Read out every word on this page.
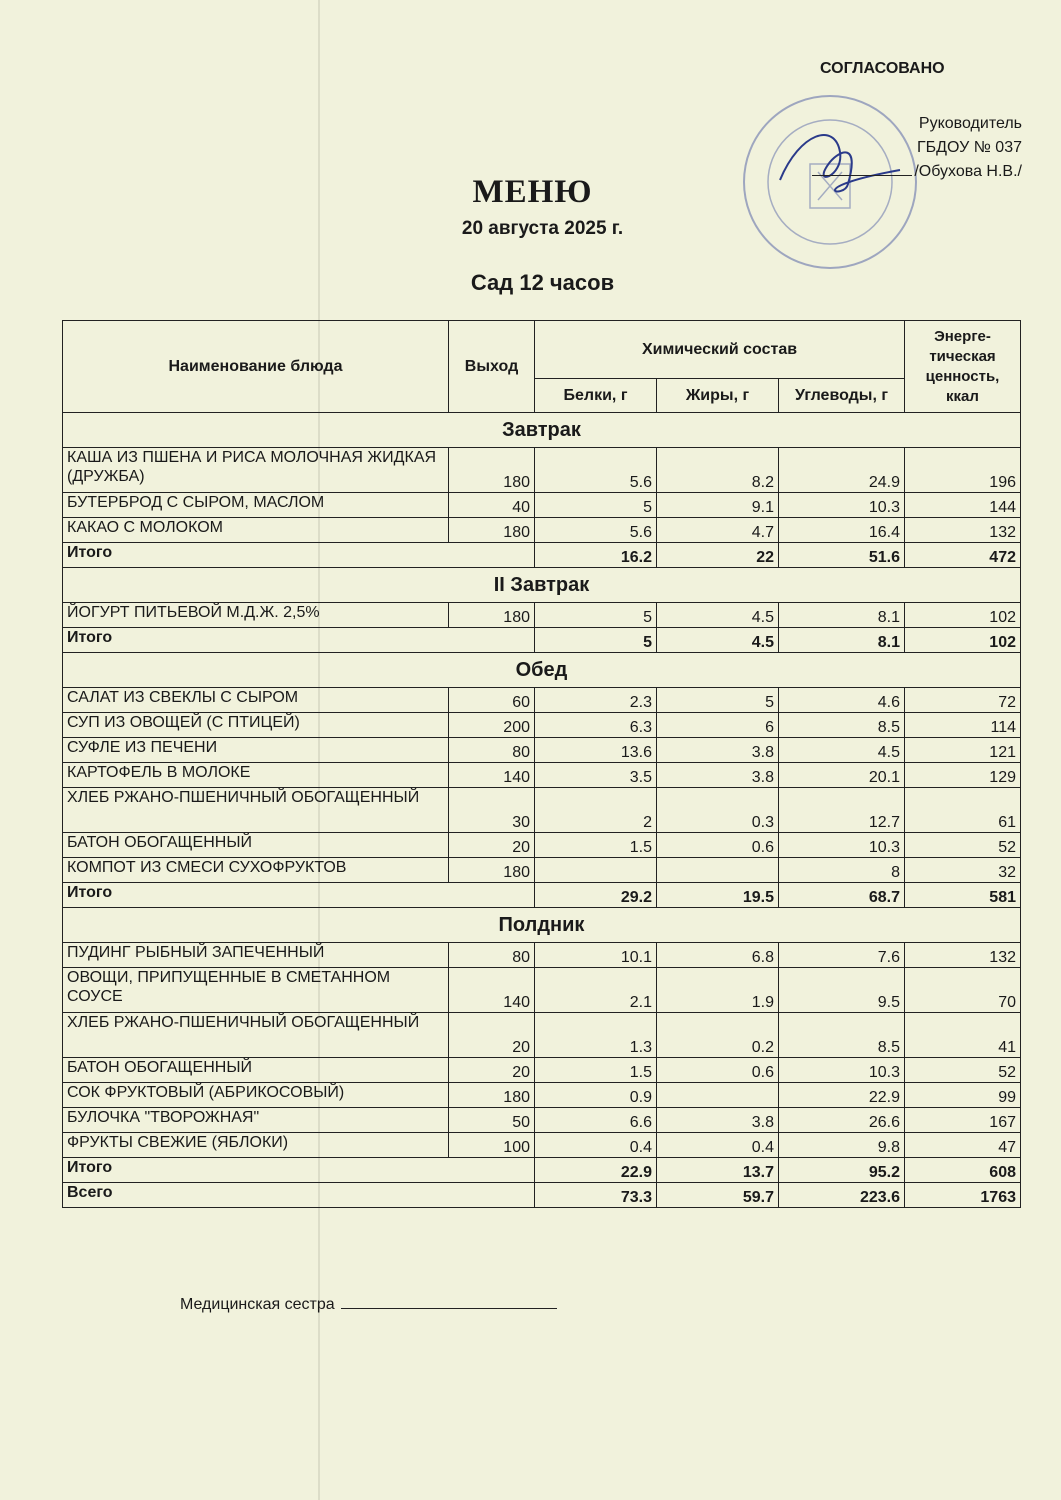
СОГЛАСОВАНО
Руководитель
ГБДОУ № 037
/Обухова Н.В./
МЕНЮ
20 августа 2025 г.
Сад 12 часов
Наименование блюда	Выход	Химический состав			Энерге-тическая ценность, ккал
		Белки, г	Жиры, г	Углеводы, г	
Завтрак					
КАША ИЗ ПШЕНА И РИСА МОЛОЧНАЯ ЖИДКАЯ (ДРУЖБА)	180	5.6	8.2	24.9	196
БУТЕРБРОД С СЫРОМ, МАСЛОМ	40	5	9.1	10.3	144
КАКАО С МОЛОКОМ	180	5.6	4.7	16.4	132
Итого		16.2	22	51.6	472
II Завтрак					
ЙОГУРТ ПИТЬЕВОЙ М.Д.Ж. 2,5%	180	5	4.5	8.1	102
Итого		5	4.5	8.1	102
Обед					
САЛАТ ИЗ СВЕКЛЫ С СЫРОМ	60	2.3	5	4.6	72
СУП ИЗ ОВОЩЕЙ (С ПТИЦЕЙ)	200	6.3	6	8.5	114
СУФЛЕ ИЗ ПЕЧЕНИ	80	13.6	3.8	4.5	121
КАРТОФЕЛЬ В МОЛОКЕ	140	3.5	3.8	20.1	129
ХЛЕБ РЖАНО-ПШЕНИЧНЫЙ ОБОГАЩЕННЫЙ	30	2	0.3	12.7	61
БАТОН ОБОГАЩЕННЫЙ	20	1.5	0.6	10.3	52
КОМПОТ ИЗ СМЕСИ СУХОФРУКТОВ	180			8	32
Итого		29.2	19.5	68.7	581
Полдник					
ПУДИНГ РЫБНЫЙ ЗАПЕЧЕННЫЙ	80	10.1	6.8	7.6	132
ОВОЩИ, ПРИПУЩЕННЫЕ В СМЕТАННОМ СОУСЕ	140	2.1	1.9	9.5	70
ХЛЕБ РЖАНО-ПШЕНИЧНЫЙ ОБОГАЩЕННЫЙ	20	1.3	0.2	8.5	41
БАТОН ОБОГАЩЕННЫЙ	20	1.5	0.6	10.3	52
СОК ФРУКТОВЫЙ (АБРИКОСОВЫЙ)	180	0.9		22.9	99
БУЛОЧКА "ТВОРОЖНАЯ"	50	6.6	3.8	26.6	167
ФРУКТЫ СВЕЖИЕ (ЯБЛОКИ)	100	0.4	0.4	9.8	47
Итого		22.9	13.7	95.2	608
Всего		73.3	59.7	223.6	1763
Медицинская сестра
